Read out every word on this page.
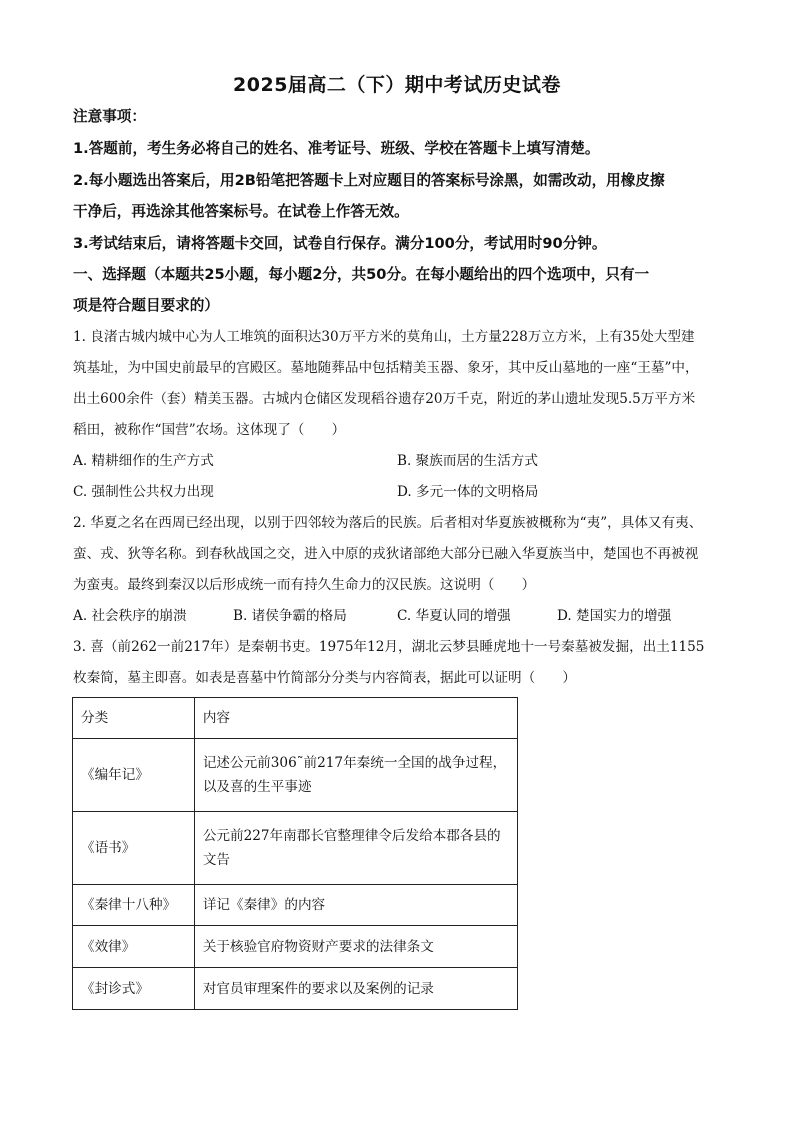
2025届高二（下）期中考试历史试卷
注意事项：
1.答题前，考生务必将自己的姓名、准考证号、班级、学校在答题卡上填写清楚。
2.每小题选出答案后，用2B铅笔把答题卡上对应题目的答案标号涂黑，如需改动，用橡皮擦
干净后，再选涂其他答案标号。在试卷上作答无效。
3.考试结束后，请将答题卡交回，试卷自行保存。满分100分，考试用时90分钟。
一、选择题（本题共25小题，每小题2分，共50分。在每小题给出的四个选项中，只有一
项是符合题目要求的）
1. 良渚古城内城中心为人工堆筑的面积达30万平方米的莫角山，土方量228万立方米，上有35处大型建
筑基址，为中国史前最早的宫殿区。墓地随葬品中包括精美玉器、象牙，其中反山墓地的一座“王墓”中，
出土600余件（套）精美玉器。古城内仓储区发现稻谷遗存20万千克，附近的茅山遗址发现5.5万平方米
稻田，被称作“国营”农场。这体现了（　　）
A. 精耕细作的生产方式	B. 聚族而居的生活方式
C. 强制性公共权力出现	D. 多元一体的文明格局
2. 华夏之名在西周已经出现，以别于四邻较为落后的民族。后者相对华夏族被概称为“夷”，具体又有夷、
蛮、戎、狄等名称。到春秋战国之交，进入中原的戎狄诸部绝大部分已融入华夏族当中，楚国也不再被视
为蛮夷。最终到秦汉以后形成统一而有持久生命力的汉民族。这说明（　　）
A. 社会秩序的崩溃	B. 诸侯争霸的格局	C. 华夏认同的增强	D. 楚国实力的增强
3. 喜（前262一前217年）是秦朝书吏。1975年12月，湖北云梦县睡虎地十一号秦墓被发掘，出土1155
枚秦简，墓主即喜。如表是喜墓中竹简部分分类与内容简表，据此可以证明（　　）
分类	内容
《编年记》	记述公元前306˜前217年秦统一全国的战争过程，
以及喜的生平事迹

《语书》	公元前227年南郡长官整理律令后发给本郡各县的
文告

《秦律十八种》	详记《秦律》的内容

《效律》	关于核验官府物资财产要求的法律条文

《封诊式》	对官员审理案件的要求以及案例的记录
